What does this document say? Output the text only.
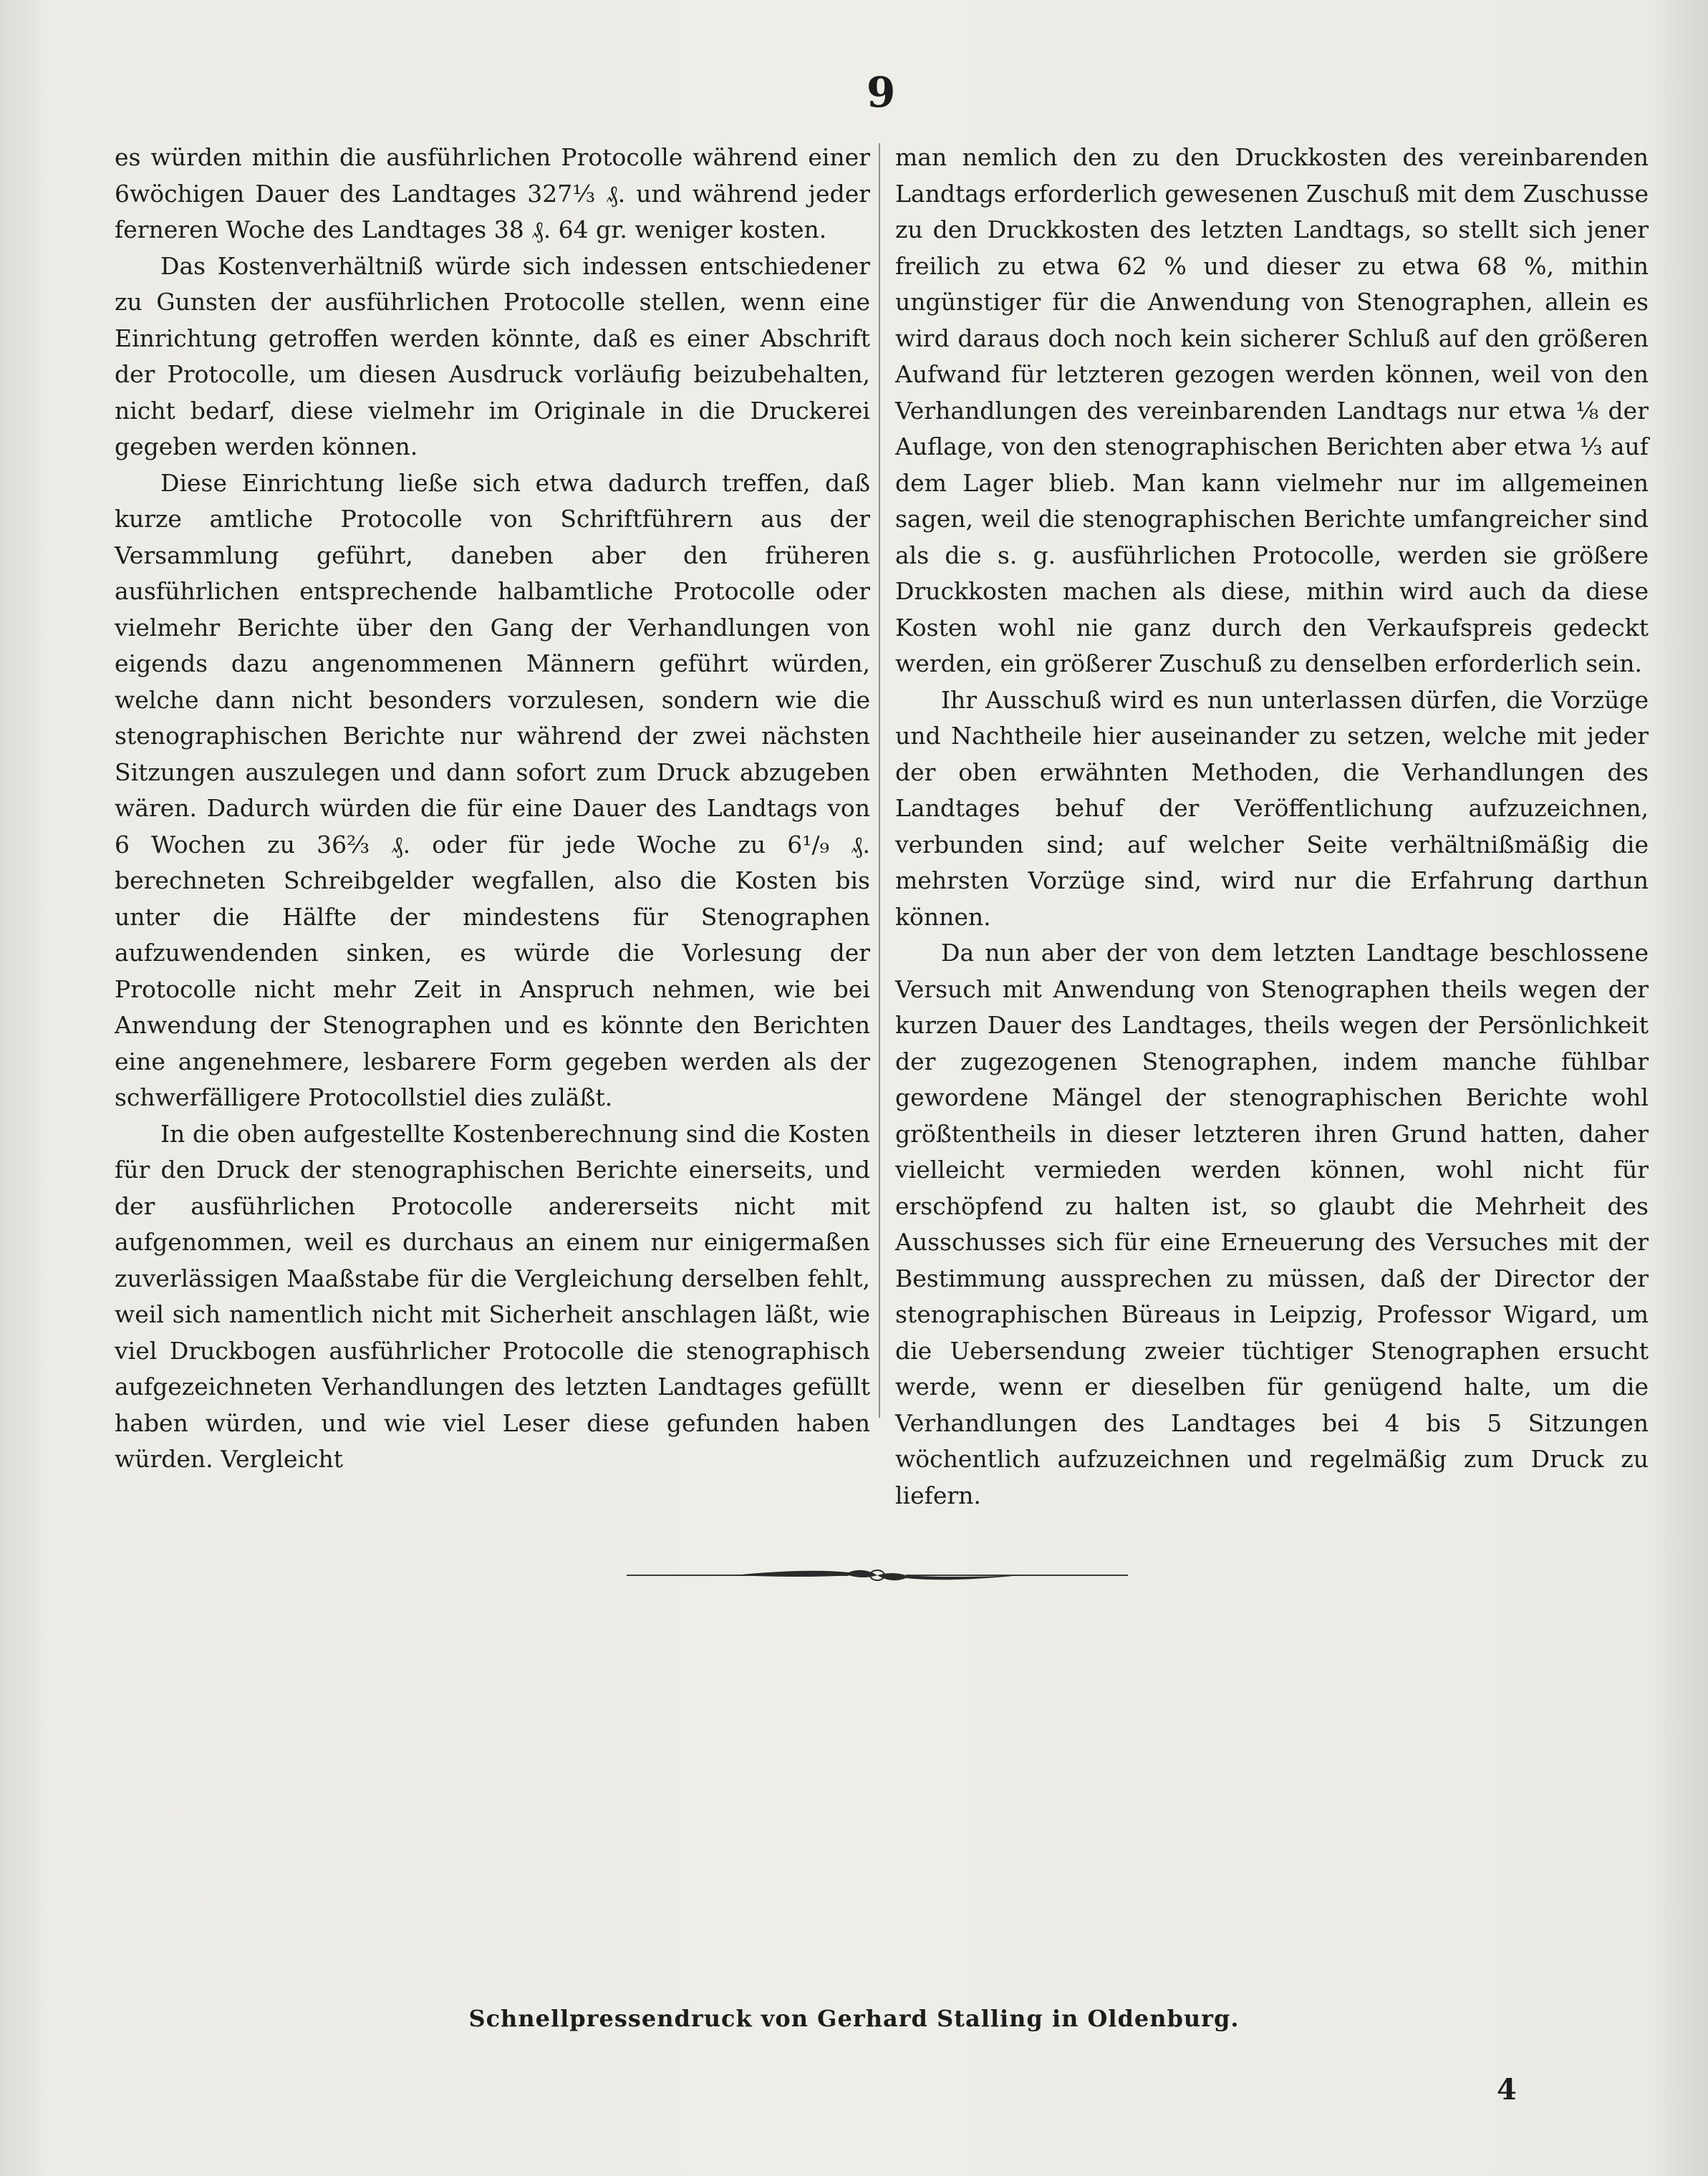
9

es würden mithin die ausführlichen Protocolle während einer 6wöchigen Dauer des Landtages 327⅓ ₰. und während jeder ferneren Woche des Landtages 38 ₰. 64 gr. weniger kosten.

Das Kostenverhältniß würde sich indessen entschiedener zu Gunsten der ausführlichen Protocolle stellen, wenn eine Einrichtung getroffen werden könnte, daß es einer Abschrift der Protocolle, um diesen Ausdruck vorläufig beizubehalten, nicht bedarf, diese vielmehr im Originale in die Druckerei gegeben werden können.

Diese Einrichtung ließe sich etwa dadurch treffen, daß kurze amtliche Protocolle von Schriftführern aus der Versammlung geführt, daneben aber den früheren ausführlichen entsprechende halbamtliche Protocolle oder vielmehr Berichte über den Gang der Verhandlungen von eigends dazu angenommenen Männern geführt würden, welche dann nicht besonders vorzulesen, sondern wie die stenographischen Berichte nur während der zwei nächsten Sitzungen auszulegen und dann sofort zum Druck abzugeben wären. Dadurch würden die für eine Dauer des Landtags von 6 Wochen zu 36⅔ ₰. oder für jede Woche zu 6¹/₉ ₰. berechneten Schreibgelder wegfallen, also die Kosten bis unter die Hälfte der mindestens für Stenographen aufzuwendenden sinken, es würde die Vorlesung der Protocolle nicht mehr Zeit in Anspruch nehmen, wie bei Anwendung der Stenographen und es könnte den Berichten eine angenehmere, lesbarere Form gegeben werden als der schwerfälligere Protocollstiel dies zuläßt.

In die oben aufgestellte Kostenberechnung sind die Kosten für den Druck der stenographischen Berichte einerseits, und der ausführlichen Protocolle andererseits nicht mit aufgenommen, weil es durchaus an einem nur einigermaßen zuverlässigen Maaßstabe für die Vergleichung derselben fehlt, weil sich namentlich nicht mit Sicherheit anschlagen läßt, wie viel Druckbogen ausführlicher Protocolle die stenographisch aufgezeichneten Verhandlungen des letzten Landtages gefüllt haben würden, und wie viel Leser diese gefunden haben würden. Vergleicht

man nemlich den zu den Druckkosten des vereinbarenden Landtags erforderlich gewesenen Zuschuß mit dem Zuschusse zu den Druckkosten des letzten Landtags, so stellt sich jener freilich zu etwa 62 % und dieser zu etwa 68 %, mithin ungünstiger für die Anwendung von Stenographen, allein es wird daraus doch noch kein sicherer Schluß auf den größeren Aufwand für letzteren gezogen werden können, weil von den Verhandlungen des vereinbarenden Landtags nur etwa ⅛ der Auflage, von den stenographischen Berichten aber etwa ⅓ auf dem Lager blieb. Man kann vielmehr nur im allgemeinen sagen, weil die stenographischen Berichte umfangreicher sind als die s. g. ausführlichen Protocolle, werden sie größere Druckkosten machen als diese, mithin wird auch da diese Kosten wohl nie ganz durch den Verkaufspreis gedeckt werden, ein größerer Zuschuß zu denselben erforderlich sein.

Ihr Ausschuß wird es nun unterlassen dürfen, die Vorzüge und Nachtheile hier auseinander zu setzen, welche mit jeder der oben erwähnten Methoden, die Verhandlungen des Landtages behuf der Veröffentlichung aufzuzeichnen, verbunden sind; auf welcher Seite verhältnißmäßig die mehrsten Vorzüge sind, wird nur die Erfahrung darthun können.

Da nun aber der von dem letzten Landtage beschlossene Versuch mit Anwendung von Stenographen theils wegen der kurzen Dauer des Landtages, theils wegen der Persönlichkeit der zugezogenen Stenographen, indem manche fühlbar gewordene Mängel der stenographischen Berichte wohl größtentheils in dieser letzteren ihren Grund hatten, daher vielleicht vermieden werden können, wohl nicht für erschöpfend zu halten ist, so glaubt die Mehrheit des Ausschusses sich für eine Erneuerung des Versuches mit der Bestimmung aussprechen zu müssen, daß der Director der stenographischen Büreaus in Leipzig, Professor Wigard, um die Uebersendung zweier tüchtiger Stenographen ersucht werde, wenn er dieselben für genügend halte, um die Verhandlungen des Landtages bei 4 bis 5 Sitzungen wöchentlich aufzuzeichnen und regelmäßig zum Druck zu liefern.

Schnellpressendruck von Gerhard Stalling in Oldenburg.
4
